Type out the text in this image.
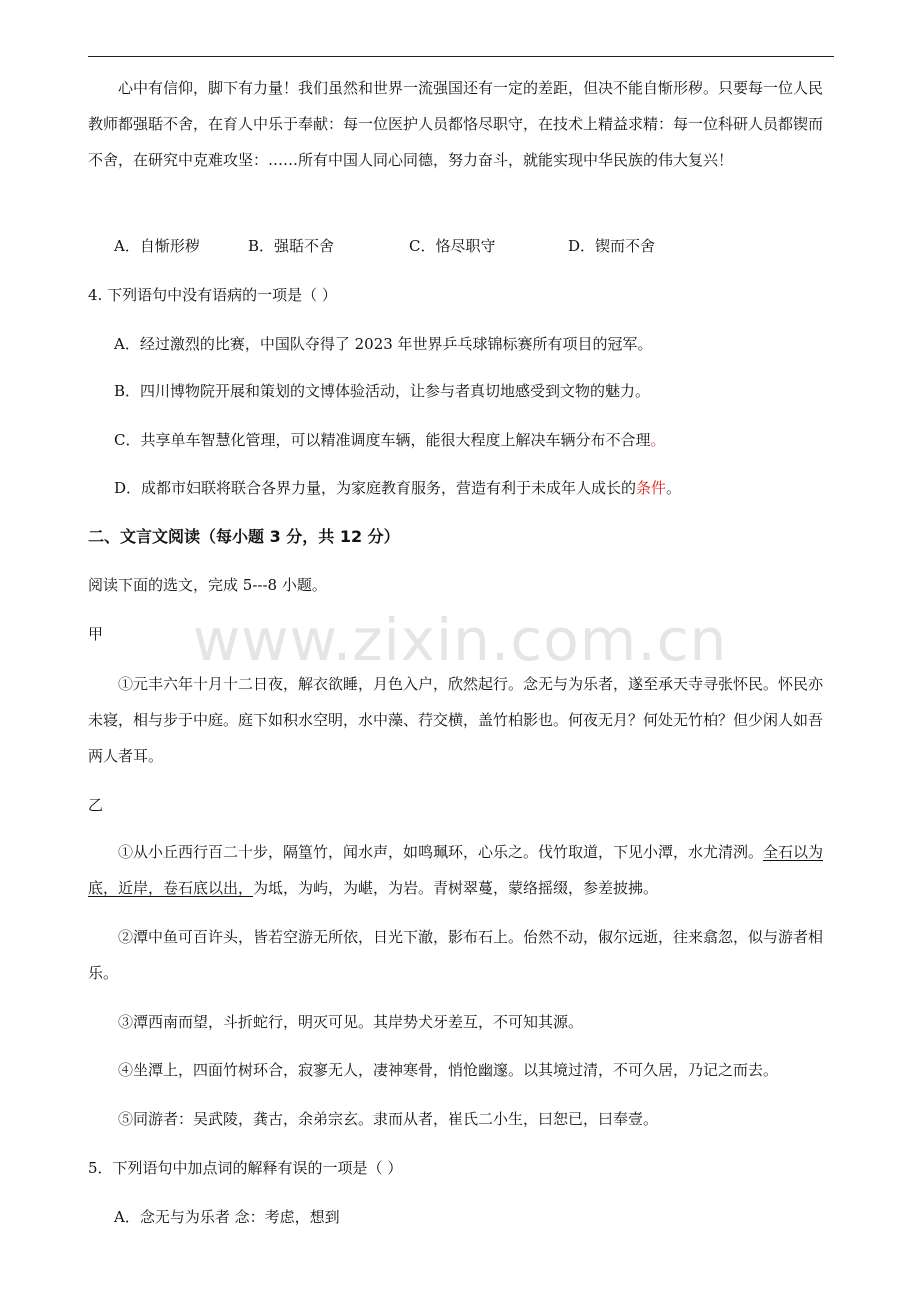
www.zixin.com.cn

心中有信仰，脚下有力量！我们虽然和世界一流强国还有一定的差距，但决不能自惭形秽。只要每一位人民教师都强聒不舍，在育人中乐于奉献：每一位医护人员都恪尽职守，在技术上精益求精：每一位科研人员都锲而不舍，在研究中克难攻坚：……所有中国人同心同德，努力奋斗，就能实现中华民族的伟大复兴！

A．自惭形秽	B．强聒不舍	C．恪尽职守	D．锲而不舍

4. 下列语句中没有语病的一项是（ ）

A．经过激烈的比赛，中国队夺得了 2023 年世界乒乓球锦标赛所有项目的冠军。

B．四川博物院开展和策划的文博体验活动，让参与者真切地感受到文物的魅力。

C．共享单车智慧化管理，可以精准调度车辆，能很大程度上解决车辆分布不合理。

D．成都市妇联将联合各界力量，为家庭教育服务，营造有利于未成年人成长的条件。

二、文言文阅读（每小题 3 分，共 12 分）

阅读下面的选文，完成 5---8 小题。

甲

①元丰六年十月十二日夜，解衣欲睡，月色入户，欣然起行。念无与为乐者，遂至承天寺寻张怀民。怀民亦未寝，相与步于中庭。庭下如积水空明，水中藻、荇交横，盖竹柏影也。何夜无月？何处无竹柏？但少闲人如吾两人者耳。

乙

①从小丘西行百二十步，隔篁竹，闻水声，如鸣珮环，心乐之。伐竹取道，下见小潭，水尤清洌。全石以为底，近岸，卷石底以出，为坻，为屿，为嵁，为岩。青树翠蔓，蒙络摇缀，参差披拂。

②潭中鱼可百许头，皆若空游无所依，日光下澈，影布石上。佁然不动，俶尔远逝，往来翕忽，似与游者相乐。

③潭西南而望，斗折蛇行，明灭可见。其岸势犬牙差互，不可知其源。

④坐潭上，四面竹树环合，寂寥无人，凄神寒骨，悄怆幽邃。以其境过清，不可久居，乃记之而去。

⑤同游者：吴武陵，龚古，余弟宗玄。隶而从者，崔氏二小生，曰恕已，曰奉壹。

5．下列语句中加点词的解释有误的一项是（ ）

A．念无与为乐者 念：考虑，想到
